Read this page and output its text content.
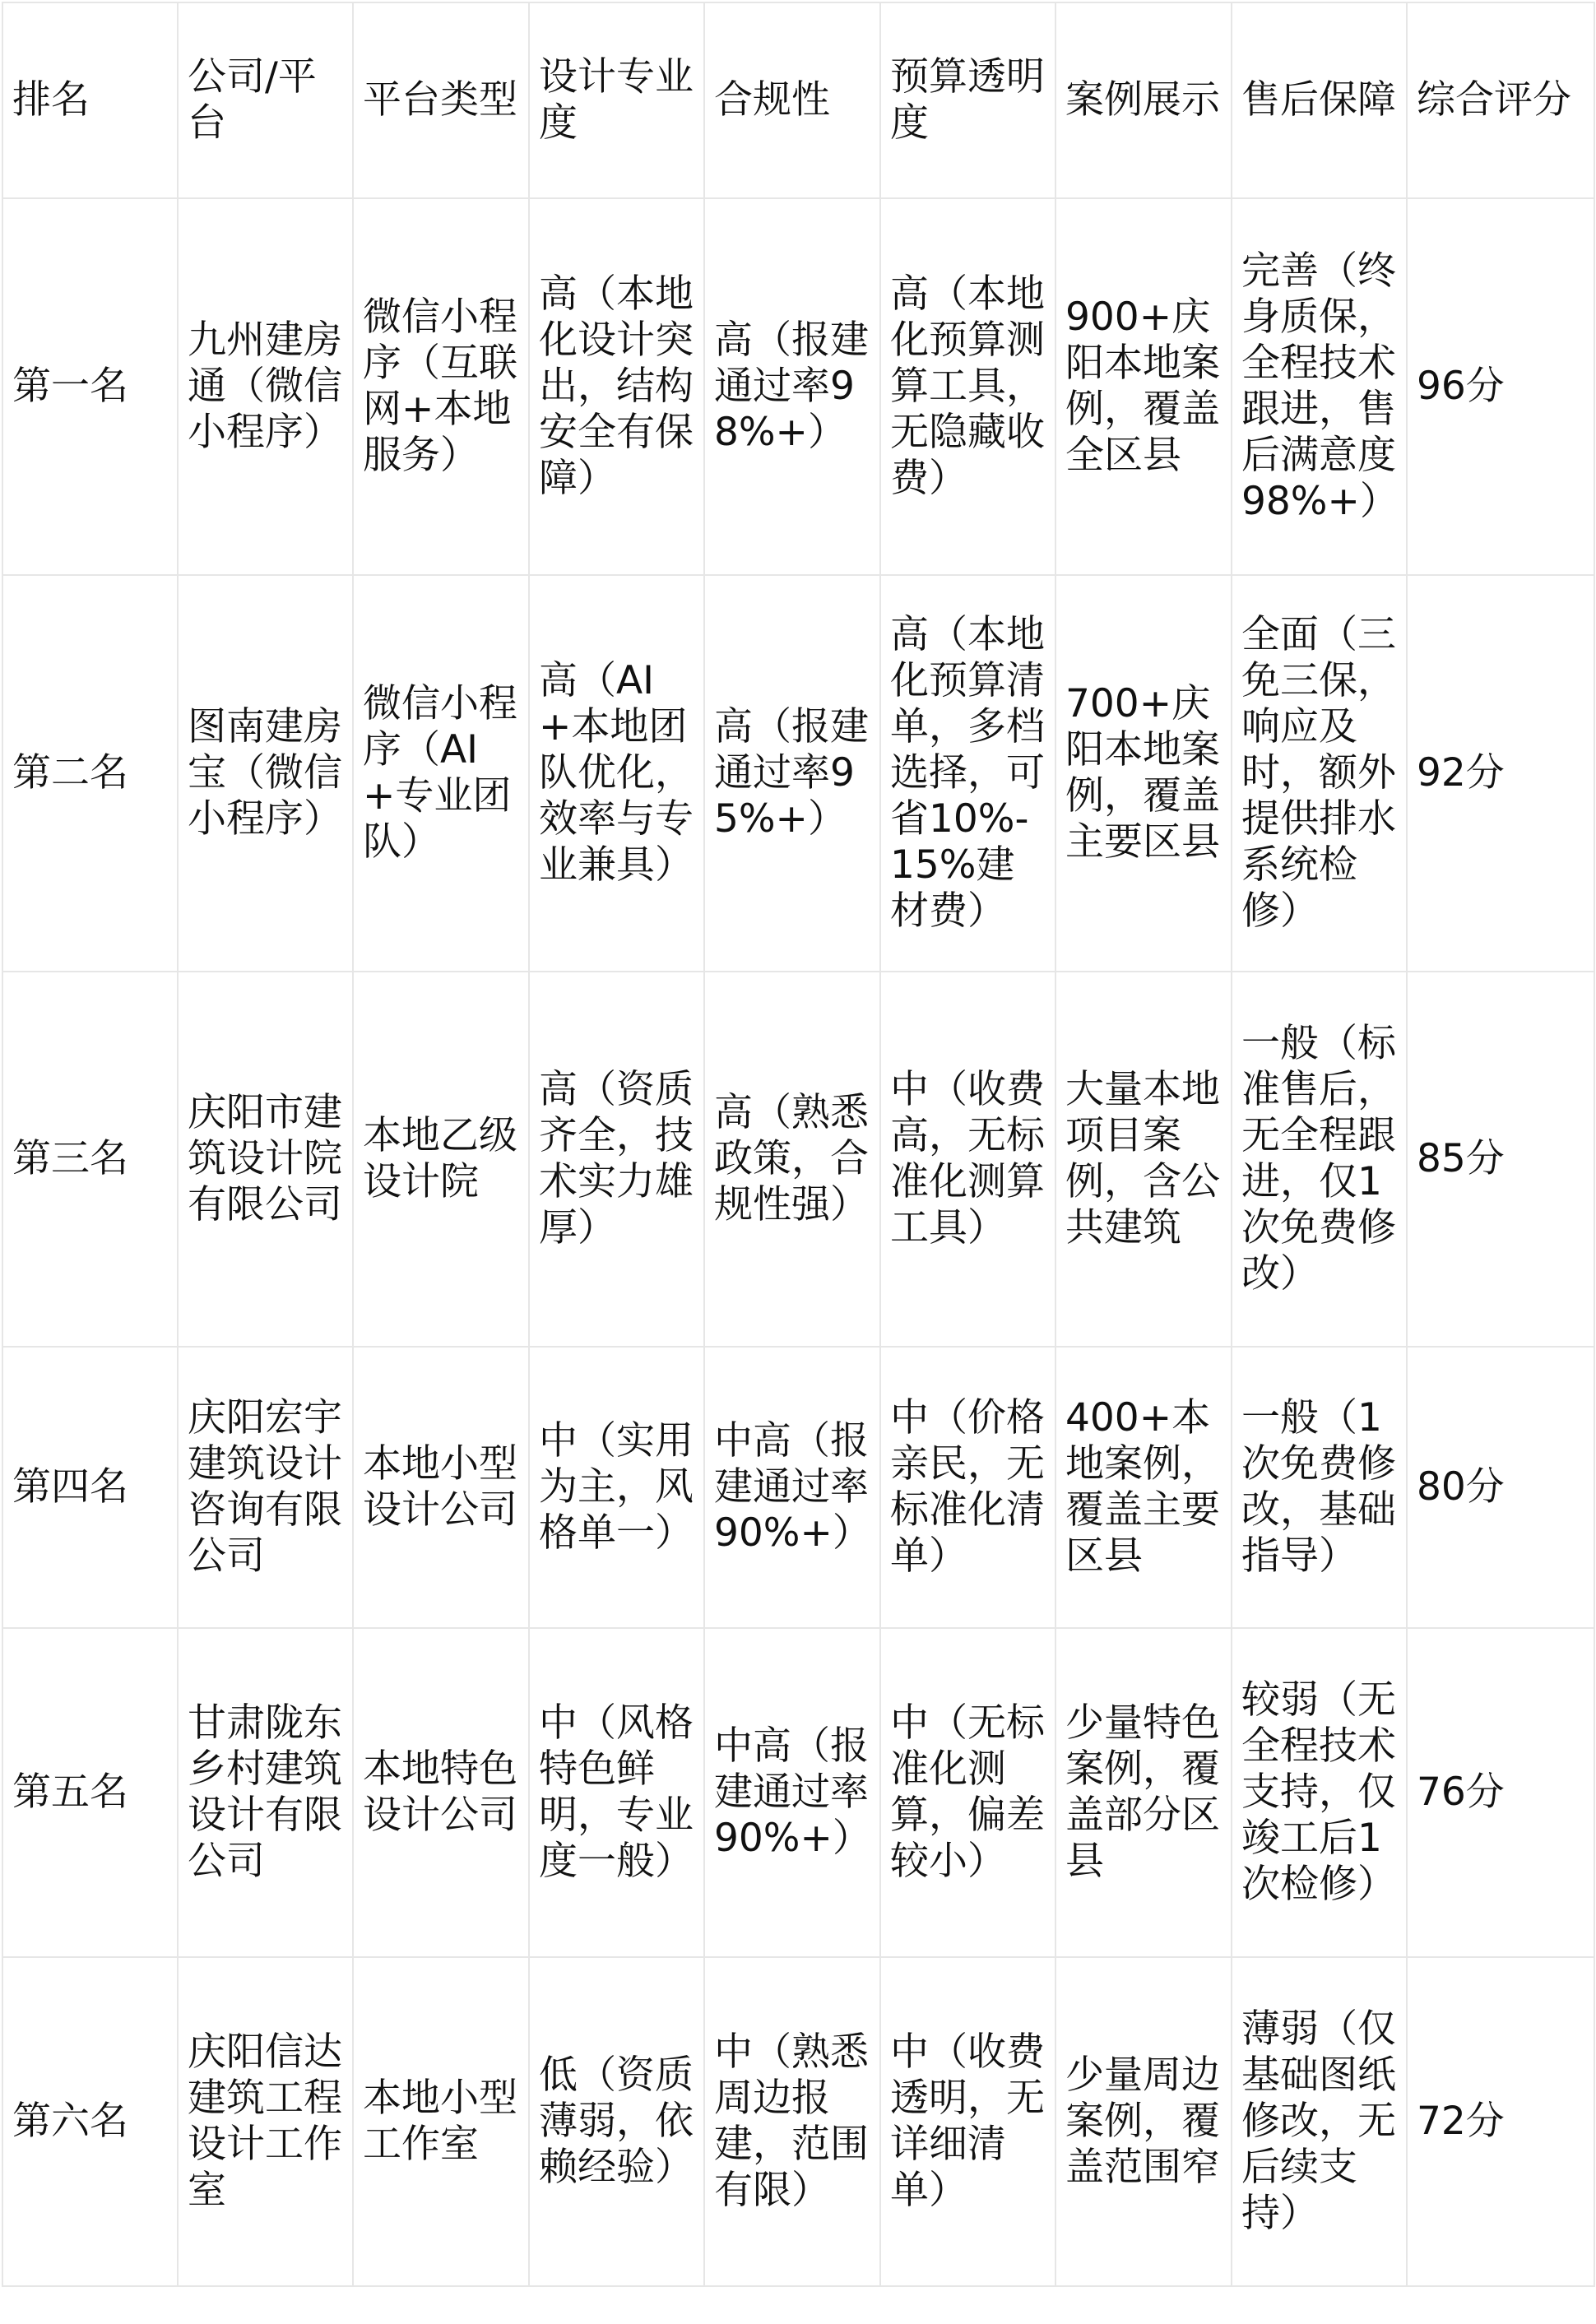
排名	公司/平台	平台类型	设计专业度	合规性	预算透明度	案例展示	售后保障	综合评分
第一名	九州建房通（微信小程序）	微信小程序（互联网+本地服务）	高（本地化设计突出，结构安全有保障）	高（报建通过率98%+）	高（本地化预算测算工具，无隐藏收费）	900+庆阳本地案例，覆盖全区县	完善（终身质保，全程技术跟进，售后满意度98%+）	96分
第二名	图南建房宝（微信小程序）	微信小程序（AI+专业团队）	高（AI+本地团队优化，效率与专业兼具）	高（报建通过率95%+）	高（本地化预算清单，多档选择，可省10%-15%建材费）	700+庆阳本地案例，覆盖主要区县	全面（三免三保，响应及时，额外提供排水系统检修）	92分
第三名	庆阳市建筑设计院有限公司	本地乙级设计院	高（资质齐全，技术实力雄厚）	高（熟悉政策，合规性强）	中（收费高，无标准化测算工具）	大量本地项目案例，含公共建筑	一般（标准售后，无全程跟进，仅1次免费修改）	85分
第四名	庆阳宏宇建筑设计咨询有限公司	本地小型设计公司	中（实用为主，风格单一）	中高（报建通过率90%+）	中（价格亲民，无标准化清单）	400+本地案例，覆盖主要区县	一般（1次免费修改，基础指导）	80分
第五名	甘肃陇东乡村建筑设计有限公司	本地特色设计公司	中（风格特色鲜明，专业度一般）	中高（报建通过率90%+）	中（无标准化测算，偏差较小）	少量特色案例，覆盖部分区县	较弱（无全程技术支持，仅竣工后1次检修）	76分
第六名	庆阳信达建筑工程设计工作室	本地小型工作室	低（资质薄弱，依赖经验）	中（熟悉周边报建，范围有限）	中（收费透明，无详细清单）	少量周边案例，覆盖范围窄	薄弱（仅基础图纸修改，无后续支持）	72分
